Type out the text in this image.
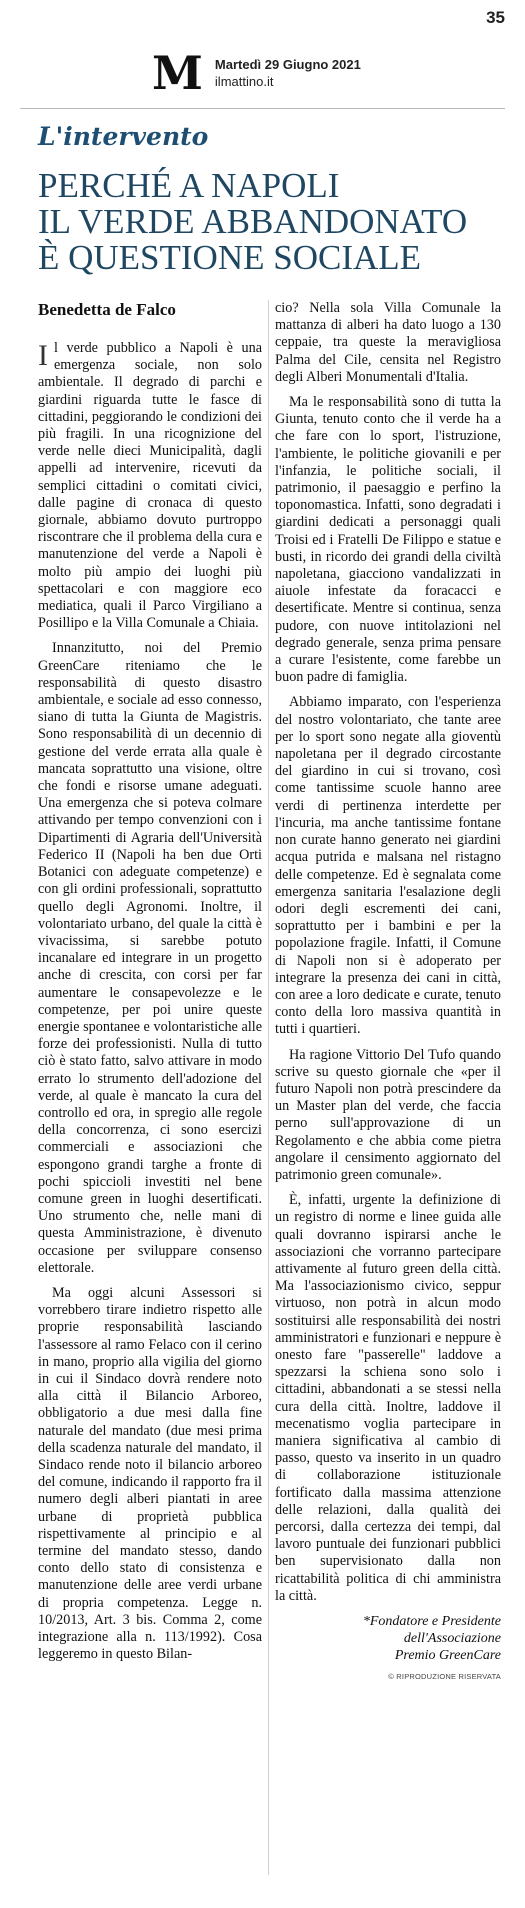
35
M Martedì 29 Giugno 2021
ilmattino.it
L'intervento
PERCHÉ A NAPOLI
IL VERDE ABBANDONATO
È QUESTIONE SOCIALE
Benedetta de Falco

Il verde pubblico a Napoli è una emergenza sociale, non solo ambientale. Il degrado di parchi e giardini riguarda tutte le fasce di cittadini, peggiorando le condizioni dei più fragili. In una ricognizione del verde nelle dieci Municipalità, dagli appelli ad intervenire, ricevuti da semplici cittadini o comitati civici, dalle pagine di cronaca di questo giornale, abbiamo dovuto purtroppo riscontrare che il problema della cura e manutenzione del verde a Napoli è molto più ampio dei luoghi più spettacolari e con maggiore eco mediatica, quali il Parco Virgiliano a Posillipo e la Villa Comunale a Chiaia.

Innanzitutto, noi del Premio GreenCare riteniamo che le responsabilità di questo disastro ambientale, e sociale ad esso connesso, siano di tutta la Giunta de Magistris. Sono responsabilità di un decennio di gestione del verde errata alla quale è mancata soprattutto una visione, oltre che fondi e risorse umane adeguati. Una emergenza che si poteva colmare attivando per tempo convenzioni con i Dipartimenti di Agraria dell'Università Federico II (Napoli ha ben due Orti Botanici con adeguate competenze) e con gli ordini professionali, soprattutto quello degli Agronomi. Inoltre, il volontariato urbano, del quale la città è vivacissima, si sarebbe potuto incanalare ed integrare in un progetto anche di crescita, con corsi per far aumentare le consapevolezze e le competenze, per poi unire queste energie spontanee e volontaristiche alle forze dei professionisti. Nulla di tutto ciò è stato fatto, salvo attivare in modo errato lo strumento dell'adozione del verde, al quale è mancato la cura del controllo ed ora, in spregio alle regole della concorrenza, ci sono esercizi commerciali e associazioni che espongono grandi targhe a fronte di pochi spiccioli investiti nel bene comune green in luoghi desertificati. Uno strumento che, nelle mani di questa Amministrazione, è divenuto occasione per sviluppare consenso elettorale.

Ma oggi alcuni Assessori si vorrebbero tirare indietro rispetto alle proprie responsabilità lasciando l'assessore al ramo Felaco con il cerino in mano, proprio alla vigilia del giorno in cui il Sindaco dovrà rendere noto alla città il Bilancio Arboreo, obbligatorio a due mesi dalla fine naturale del mandato (due mesi prima della scadenza naturale del mandato, il Sindaco rende noto il bilancio arboreo del comune, indicando il rapporto fra il numero degli alberi piantati in aree urbane di proprietà pubblica rispettivamente al principio e al termine del mandato stesso, dando conto dello stato di consistenza e manutenzione delle aree verdi urbane di propria competenza. Legge n. 10/2013, Art. 3 bis. Comma 2, come integrazione alla n. 113/1992). Cosa leggeremo in questo Bilan-

cio? Nella sola Villa Comunale la mattanza di alberi ha dato luogo a 130 ceppaie, tra queste la meravigliosa Palma del Cile, censita nel Registro degli Alberi Monumentali d'Italia.

Ma le responsabilità sono di tutta la Giunta, tenuto conto che il verde ha a che fare con lo sport, l'istruzione, l'ambiente, le politiche giovanili e per l'infanzia, le politiche sociali, il patrimonio, il paesaggio e perfino la toponomastica. Infatti, sono degradati i giardini dedicati a personaggi quali Troisi ed i Fratelli De Filippo e statue e busti, in ricordo dei grandi della civiltà napoletana, giacciono vandalizzati in aiuole infestate da foracacci e desertificate. Mentre si continua, senza pudore, con nuove intitolazioni nel degrado generale, senza prima pensare a curare l'esistente, come farebbe un buon padre di famiglia.

Abbiamo imparato, con l'esperienza del nostro volontariato, che tante aree per lo sport sono negate alla gioventù napoletana per il degrado circostante del giardino in cui si trovano, così come tantissime scuole hanno aree verdi di pertinenza interdette per l'incuria, ma anche tantissime fontane non curate hanno generato nei giardini acqua putrida e malsana nel ristagno delle competenze. Ed è segnalata come emergenza sanitaria l'esalazione degli odori degli escrementi dei cani, soprattutto per i bambini e per la popolazione fragile. Infatti, il Comune di Napoli non si è adoperato per integrare la presenza dei cani in città, con aree a loro dedicate e curate, tenuto conto della loro massiva quantità in tutti i quartieri.

Ha ragione Vittorio Del Tufo quando scrive su questo giornale che «per il futuro Napoli non potrà prescindere da un Master plan del verde, che faccia perno sull'approvazione di un Regolamento e che abbia come pietra angolare il censimento aggiornato del patrimonio green comunale».

È, infatti, urgente la definizione di un registro di norme e linee guida alle quali dovranno ispirarsi anche le associazioni che vorranno partecipare attivamente al futuro green della città. Ma l'associazionismo civico, seppur virtuoso, non potrà in alcun modo sostituirsi alle responsabilità dei nostri amministratori e funzionari e neppure è onesto fare "passerelle" laddove a spezzarsi la schiena sono solo i cittadini, abbandonati a se stessi nella cura della città. Inoltre, laddove il mecenatismo voglia partecipare in maniera significativa al cambio di passo, questo va inserito in un quadro di collaborazione istituzionale fortificato dalla massima attenzione delle relazioni, dalla qualità dei percorsi, dalla certezza dei tempi, dal lavoro puntuale dei funzionari pubblici ben supervisionato dalla non ricattabilità politica di chi amministra la città.

*Fondatore e Presidente
dell'Associazione
Premio GreenCare
© RIPRODUZIONE RISERVATA
